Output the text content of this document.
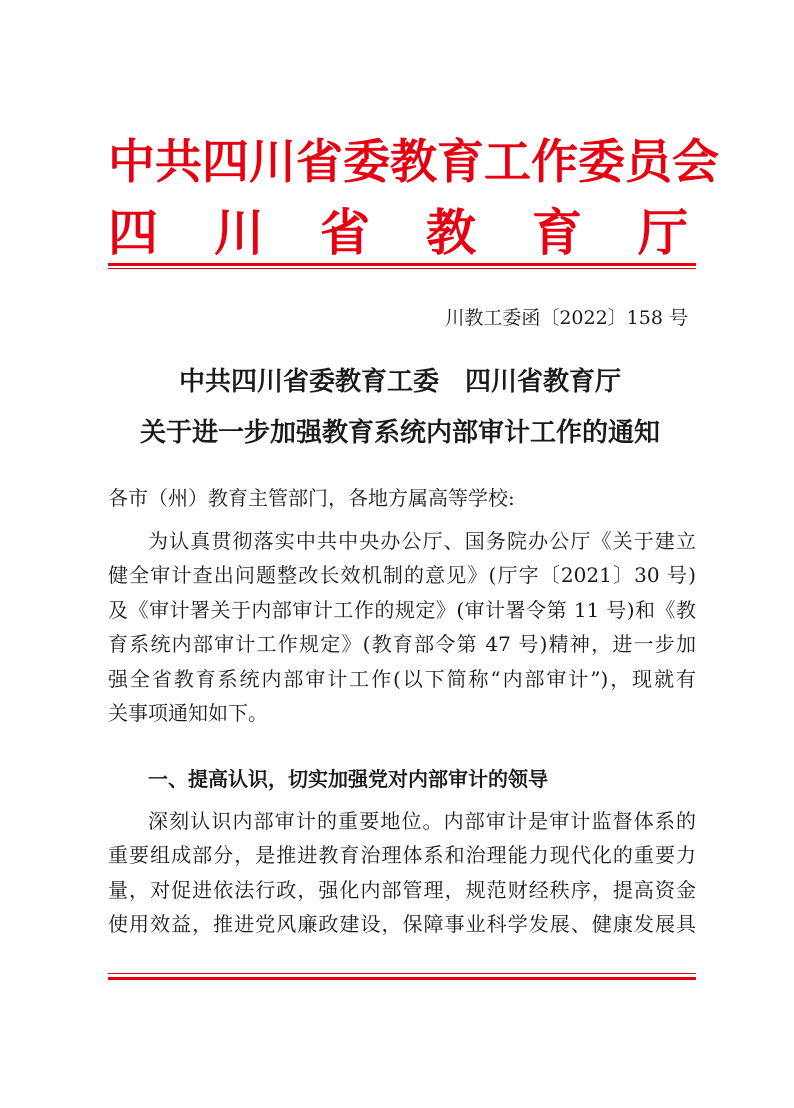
中共四川省委教育工作委员会
四川省教育厅
川教工委函〔2022〕158 号
中共四川省委教育工委　四川省教育厅
关于进一步加强教育系统内部审计工作的通知
各市（州）教育主管部门，各地方属高等学校:
为认真贯彻落实中共中央办公厅、国务院办公厅《关于建立
健全审计查出问题整改长效机制的意见》(厅字〔2021〕30 号)
及《审计署关于内部审计工作的规定》(审计署令第 11 号)和《教
育系统内部审计工作规定》(教育部令第 47 号)精神，进一步加
强全省教育系统内部审计工作(以下简称“内部审计”)，现就有
关事项通知如下。
一、提高认识，切实加强党对内部审计的领导
深刻认识内部审计的重要地位。内部审计是审计监督体系的
重要组成部分，是推进教育治理体系和治理能力现代化的重要力
量，对促进依法行政，强化内部管理，规范财经秩序，提高资金
使用效益，推进党风廉政建设，保障事业科学发展、健康发展具
